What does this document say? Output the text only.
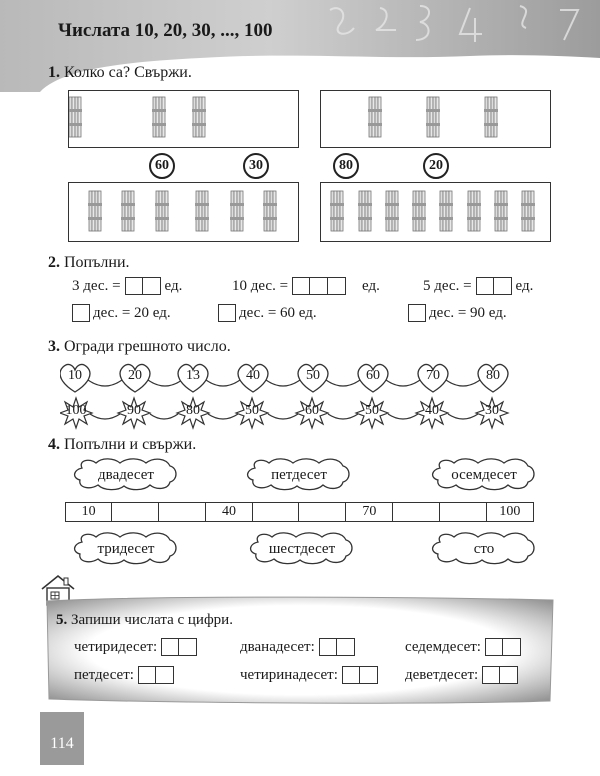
Числата 10, 20, 30, ..., 100
1. Колко са? Свържи.
60	30	80	20
2. Попълни.
3 дес. =	ед.	10 дес. =	ед.	5 дес. =	ед.
дес. = 20 ед.	дес. = 60 ед.	дес. = 90 ед.
3. Огради грешното число.
10	20	13	40	50	60	70	80
100	90	80	50	60	50	40	30
4. Попълни и свържи.
двадесет	петдесет	осемдесет
10	40	70	100
тридесет	шестдесет	сто
5. Запиши числата с цифри.
четиридесет:	дванадесет:	седемдесет:
петдесет:	четиринадесет:	деветдесет:
114
